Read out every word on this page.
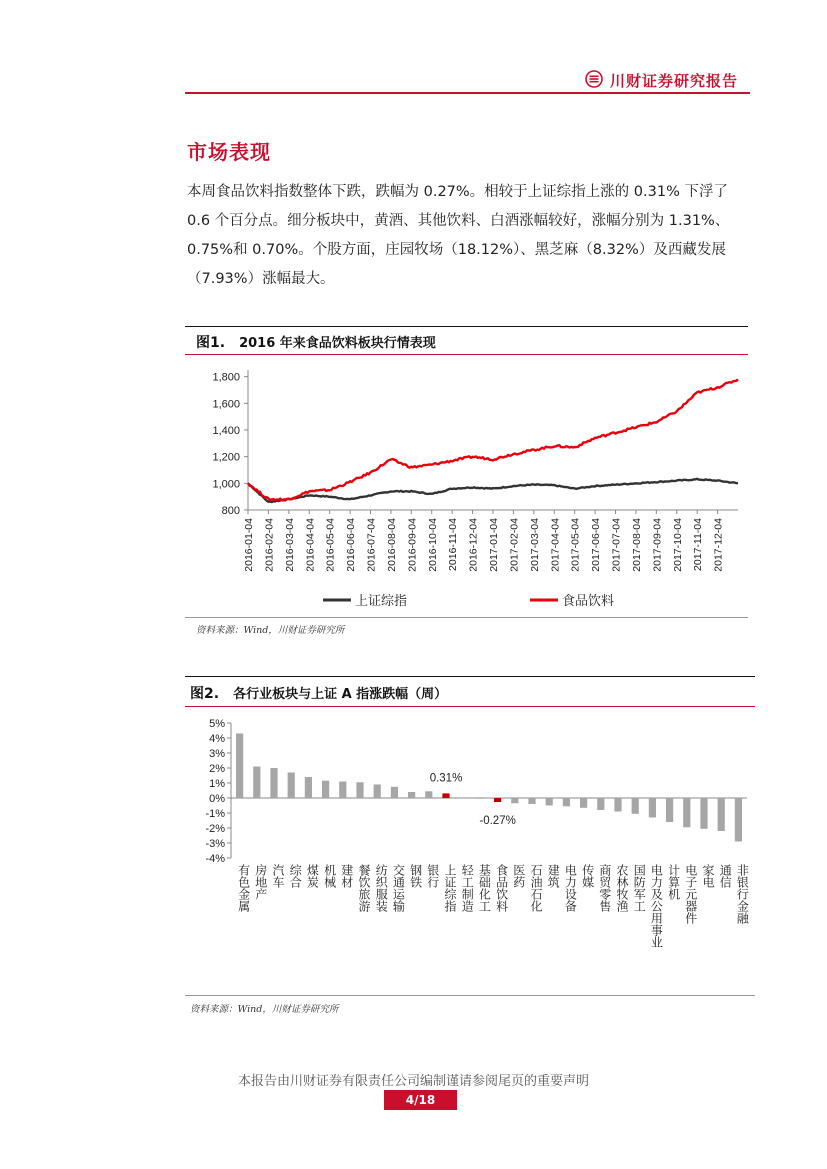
川财证券研究报告
市场表现
本周食品饮料指数整体下跌，跌幅为 0.27%。相较于上证综指上涨的 0.31% 下浮了 0.6 个百分点。细分板块中，黄酒、其他饮料、白酒涨幅较好，涨幅分别为 1.31%、0.75%和 0.70%。个股方面，庄园牧场（18.12%）、黑芝麻（8.32%）及西藏发展（7.93%）涨幅最大。
图1. 2016 年来食品饮料板块行情表现
800
1,000
1,200
1,400
1,600
1,800
2016-01-04 2016-02-04 2016-03-04 2016-04-04 2016-05-04 2016-06-04 2016-07-04 2016-08-04 2016-09-04 2016-10-04 2016-11-04 2016-12-04 2017-01-04 2017-02-04 2017-03-04 2017-04-04 2017-05-04 2017-06-04 2017-07-04 2017-08-04 2017-09-04 2017-10-04 2017-11-04 2017-12-04
上证综指	食品饮料
资料来源：Wind，川财证券研究所
图2. 各行业板块与上证 A 指涨跌幅（周）
5%
4%
3%
2%
1%
0%
-1%
-2%
-3%
-4%
0.31%
-0.27%
有色金属 房地产 汽车 综合 煤炭 机械 建材 餐饮旅游 纺织服装 交通运输 钢铁 银行 上证综指 轻工制造 基础化工 食品饮料 医药 石油石化 建筑 电力设备 传媒 商贸零售 农林牧渔 国防军工 电力及公用事业 计算机 电子元器件 家电 通信 非银行金融
资料来源：Wind，川财证券研究所
本报告由川财证券有限责任公司编制谨请参阅尾页的重要声明
4/18
